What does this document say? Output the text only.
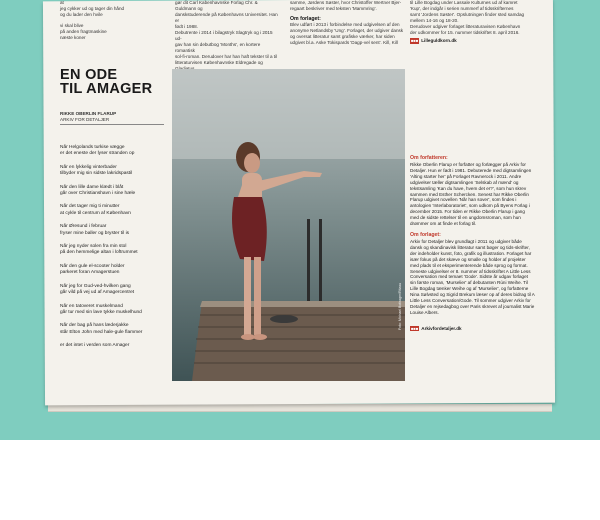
at
jeg cykker ud og tager din hånd
og du lader den hvile
vi skal blive
på anden fragtmaskine
næste koner
gør dit Carl Kabenhavnske Forlag Chr. & Guldmann og
danskstuderende på Københavns Universitet. Han er
født i 1988.
Debutrente i 2014 i bilagstryk Slagtryk og i 2015 ud-
gav han sin debutbog 'Months', en kortere romantisk
sol-fi-roman. Derudover har han haft tekster til a til
litteraturvisen Københavnske Eldregade og
samme, Jørdens Søster, hvor Christoffer Wertner Bjer-
regaart beskriver med teksten 'Mammring'.
Om forlaget:
Blev udført i 2013 i forbindelse med udgivelsen af den
anonyme Netlandsby 'Ung'. Forlaget, der udgiver dansk
og oversat litteratur samt grafiske værker, har siden
udgivet bl.a. Aske Tokispards 'Dagp-vel sent'. Kill, Kill
til Lille Bogdag under Lassale Kulturnes ud af kamret
'Kup', der indgår i serien nummerf af tidsskrifternes
samt 'Jordens Søster'. Opslutningen finder sted samdag
mellem 14-16 og 18-20.
Derudover udgiver forlaget litteraturavisen København
der udkommer for 15. nummer tidskriftet 8. april 2016.
■■■ Lilleguldkorn.dk
EN ODE
TIL AMAGER
RIKKE OBERLIN FLARUP
ARKIV FOR DETALJER
Når Helgolands turkise væggе
er det eneste der lyser stranden op
Når en lykkelig vinterbader
tilbyder mig sin sidste lakridspastil
Når den lille dame klædt i blåt
går over Christianshavn i sine hæle
Når det tager mig ti minutter
at cykle til centrum af København
Når Øresund i februar
fryser mine baller og bryster til is
Når jeg nyder solen fra min stol
på den hemmelige altan i loftrummet
Når den gule el-scooter holder
parkeret foran Amagerstuen
Når jeg for Gud-ved-hvilken gang
går vild på vej ud af Amagercentret
Når en tatoveret muskelmand
går tur med sin lave tykke muskelhund
Når der bag på hans læderjakke
står Elton John med hale-gule flammer
er det intet i verden som Amager
Foto: Michael Bothager/Ritzau
Om forfatteren:
Rikke Oberlin Flarup er forfatter og forlægger på Arkiv for Detaljer. Hun er født i 1981. Debuterede med digtsamlingen 'Alting starter her' på Forlaget Ravnerock i 2011. Andre udgivelser tæller digtsamlingen 'Selskab af mænd' og tekstsamling 'Kan du have, hvem det er?', som hun skrev sammen med Esther Schercken. Senest har Rikke Oberlin Flarup udgivet novellen 'Når han sover', som findes i antologien 'Interlaboratoriet', som udkom på Byens Forlag i december 2015. For tiden er Rikke Oberlin Flarup i gang med de sidste rettelser til en ungdomsroman, som hun drømmer om at finde et forlag til.
Om forlaget:
Arkiv for Detaljer blev grundlagt i 2011 og udgiver både dansk og skandinavisk litteratur samt bøger og tids-skrifter, der indeholder kunst, foto, grafik og illustration. Forlaget har især fokus på det skæve og smalle og holder af projekter med plads til et eksperimenterende både sprog og format. Seneste udgivelser er 8. nummer af tidsskriftet A Little Less Conversation med temaet 'Gode'. Sidste år udgav forlaget sin første roman, 'Murselier' af debutanten Rúni Weihe. Til Lille Bogdag tænker Weihe og af 'Murselier', og forfatterne Nina Sølvsted og Sigrid Brekum læser op af deres bidrag til A Little Less Conversation/Gode. Til sommer udgiver Arkiv for Detaljer en rejsedagbog over Paris skrevet af journalist Marie Louise Albers.
■■■ Arkivfordetaljer.dk
